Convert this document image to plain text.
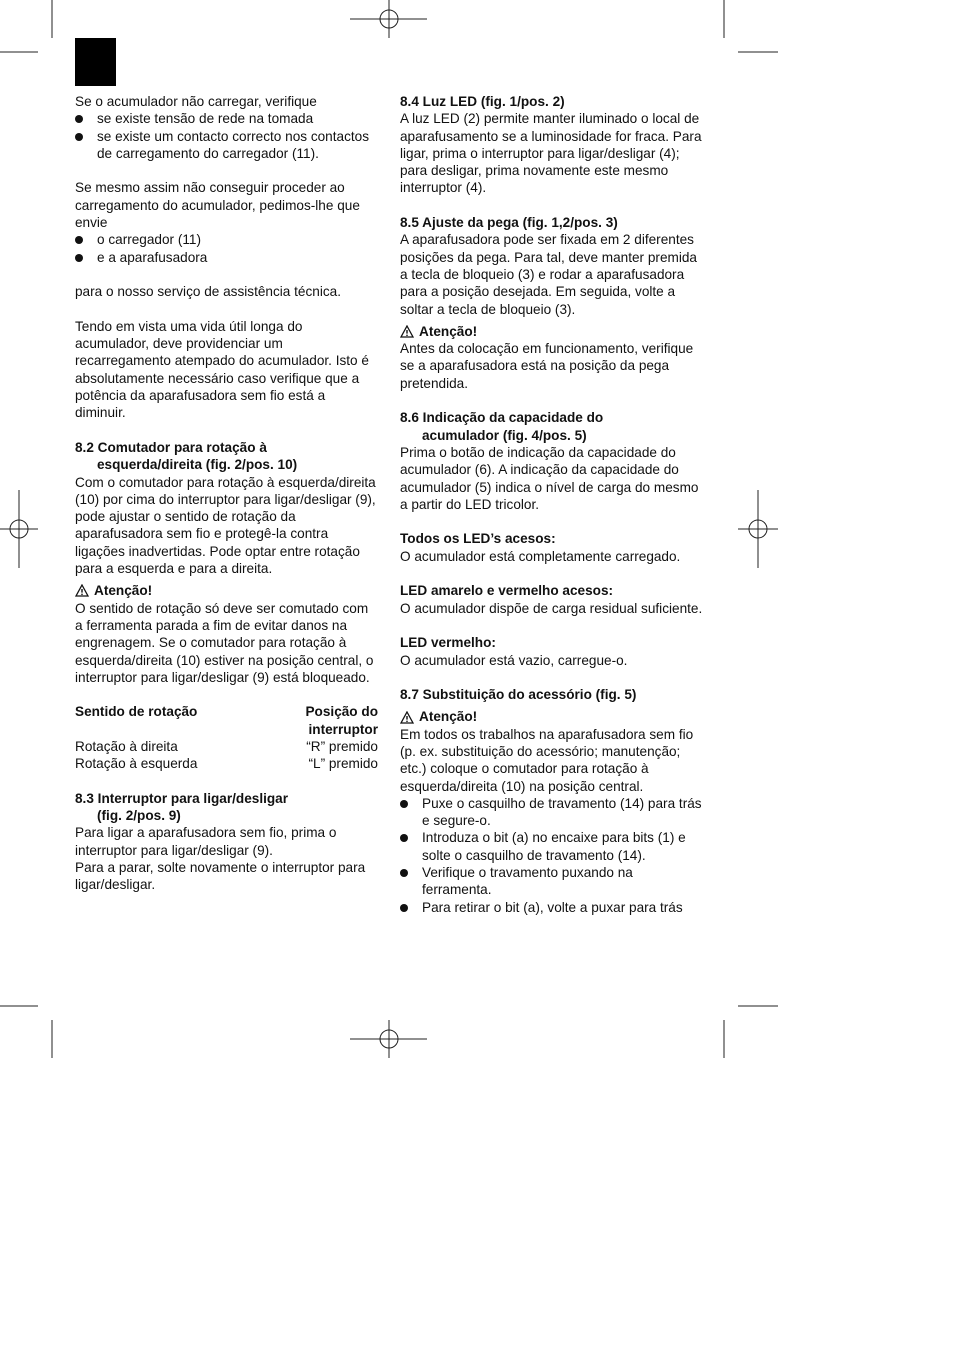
Se o acumulador não carregar, verifique

se existe tensão de rede na tomada
se existe um contacto correcto nos contactos de carregamento do carregador (11).

Se mesmo assim não conseguir proceder ao carregamento do acumulador, pedimos-lhe que envie

o carregador (11)
e a aparafusadora

para o nosso serviço de assistência técnica.

Tendo em vista uma vida útil longa do acumulador, deve providenciar um recarregamento atempado do acumulador. Isto é absolutamente necessário caso verifique que a potência da aparafusadora sem fio está a diminuir.

8.2 Comutador para rotação à
esquerda/direita (fig. 2/pos. 10)

Com o comutador para rotação à esquerda/direita (10) por cima do interruptor para ligar/desligar (9), pode ajustar o sentido de rotação da aparafusadora sem fio e protegê-la contra ligações inadvertidas. Pode optar entre rotação para a esquerda e para a direita.

Atenção!

O sentido de rotação só deve ser comutado com a ferramenta parada a fim de evitar danos na engrenagem. Se o comutador para rotação à esquerda/direita (10) estiver na posição central, o interruptor para ligar/desligar (9) está bloqueado.

Sentido de rotação	Posição do
interruptor
Rotação à direita	“R” premido
Rotação à esquerda	“L” premido

8.3 Interruptor para ligar/desligar
(fig. 2/pos. 9)

Para ligar a aparafusadora sem fio, prima o interruptor para ligar/desligar (9).

Para a parar, solte novamente o interruptor para ligar/desligar.

8.4 Luz LED (fig. 1/pos. 2)

A luz LED (2) permite manter iluminado o local de aparafusamento se a luminosidade for fraca. Para ligar, prima o interruptor para ligar/desligar (4); para desligar, prima novamente este mesmo interruptor (4).

8.5 Ajuste da pega (fig. 1,2/pos. 3)

A aparafusadora pode ser fixada em 2 diferentes posições da pega. Para tal, deve manter premida a tecla de bloqueio (3) e rodar a aparafusadora para a posição desejada. Em seguida, volte a soltar a tecla de bloqueio (3).

Atenção!

Antes da colocação em funcionamento, verifique se a aparafusadora está na posição da pega pretendida.

8.6 Indicação da capacidade do
acumulador (fig. 4/pos. 5)

Prima o botão de indicação da capacidade do acumulador (6). A indicação da capacidade do acumulador (5) indica o nível de carga do mesmo a partir do LED tricolor.

Todos os LED’s acesos:

O acumulador está completamente carregado.

LED amarelo e vermelho acesos:

O acumulador dispõe de carga residual suficiente.

LED vermelho:

O acumulador está vazio, carregue-o.

8.7 Substituição do acessório (fig. 5)

Atenção!

Em todos os trabalhos na aparafusadora sem fio (p. ex. substituição do acessório; manutenção; etc.) coloque o comutador para rotação à esquerda/direita (10) na posição central.

Puxe o casquilho de travamento (14) para trás e segure-o.
Introduza o bit (a) no encaixe para bits (1) e solte o casquilho de travamento (14).
Verifique o travamento puxando na ferramenta.
Para retirar o bit (a), volte a puxar para trás
